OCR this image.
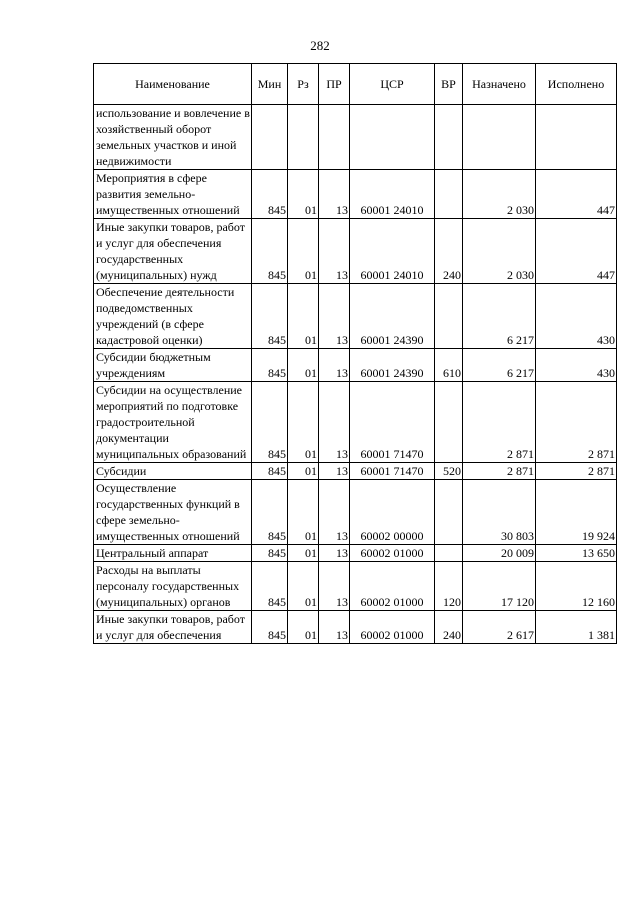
282
Наименование	Мин	Рз	ПР	ЦСР	ВР	Назначено	Исполнено
использование и вовлечение в хозяйственный оборот земельных участков и иной недвижимости							
Мероприятия в сфере развития земельно-имущественных отношений	845	01	13	60001 24010		2 030	447
Иные закупки товаров, работ и услуг для обеспечения государственных (муниципальных) нужд	845	01	13	60001 24010	240	2 030	447
Обеспечение деятельности подведомственных учреждений (в сфере кадастровой оценки)	845	01	13	60001 24390		6 217	430
Субсидии бюджетным учреждениям	845	01	13	60001 24390	610	6 217	430
Субсидии на осуществление мероприятий по подготовке градостроительной документации муниципальных образований	845	01	13	60001 71470		2 871	2 871
Субсидии	845	01	13	60001 71470	520	2 871	2 871
Осуществление государственных функций в сфере земельно-имущественных отношений	845	01	13	60002 00000		30 803	19 924
Центральный аппарат	845	01	13	60002 01000		20 009	13 650
Расходы на выплаты персоналу государственных (муниципальных) органов	845	01	13	60002 01000	120	17 120	12 160
Иные закупки товаров, работ и услуг для обеспечения	845	01	13	60002 01000	240	2 617	1 381
